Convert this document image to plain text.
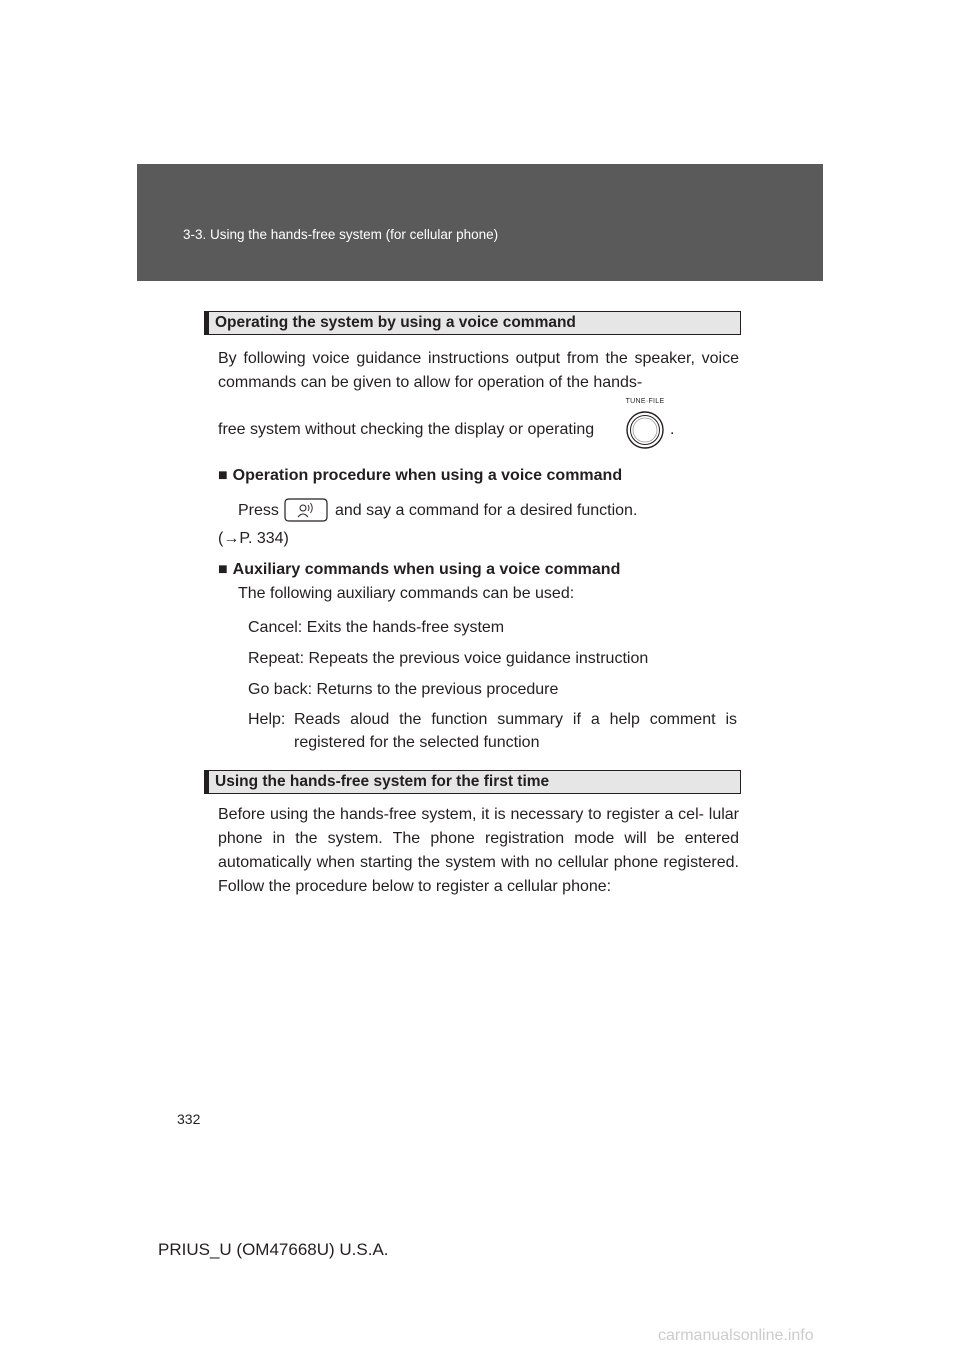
3-3. Using the hands-free system (for cellular phone)
Operating the system by using a voice command
By following voice guidance instructions output from the speaker, voice commands can be given to allow for operation of the hands-
free system without checking the display or operating
TUNE·FILE
.
■ Operation procedure when using a voice command
Press	and say a command for a desired function.
(→P. 334)
■ Auxiliary commands when using a voice command
The following auxiliary commands can be used:
Cancel: Exits the hands-free system
Repeat: Repeats the previous voice guidance instruction
Go back: Returns to the previous procedure
Help: Reads aloud the function summary if a help comment is
registered for the selected function
Using the hands-free system for the first time
Before using the hands-free system, it is necessary to register a cel- lular phone in the system. The phone registration mode will be entered automatically when starting the system with no cellular phone registered. Follow the procedure below to register a cellular phone:
332
PRIUS_U (OM47668U) U.S.A.
carmanualsonline.info
